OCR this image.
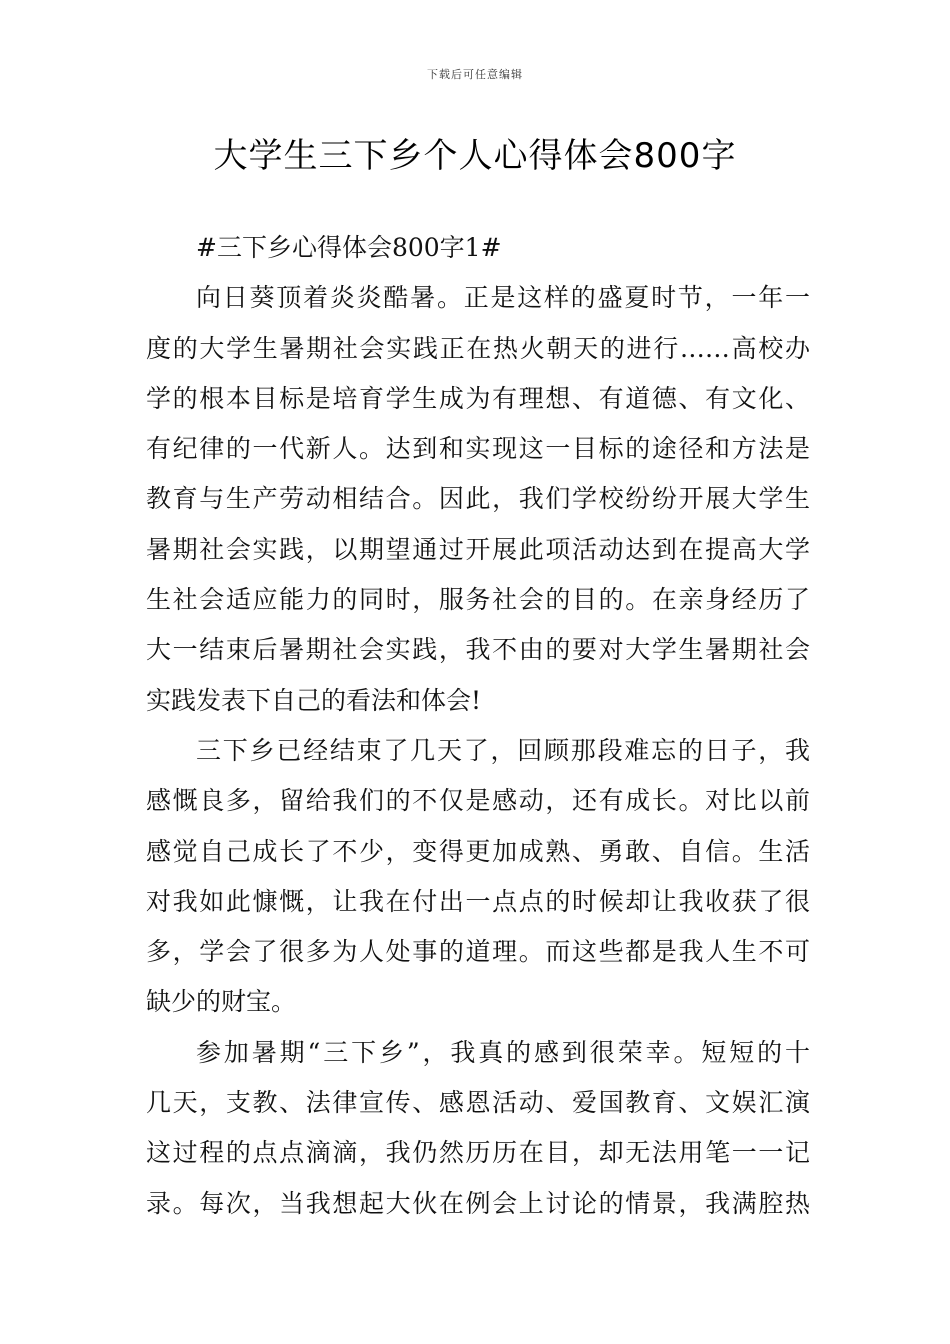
下载后可任意编辑
大学生三下乡个人心得体会800字
#三下乡心得体会800字1#
向日葵顶着炎炎酷暑。正是这样的盛夏时节，一年一
度的大学生暑期社会实践正在热火朝天的进行……高校办
学的根本目标是培育学生成为有理想、有道德、有文化、
有纪律的一代新人。达到和实现这一目标的途径和方法是
教育与生产劳动相结合。因此，我们学校纷纷开展大学生
暑期社会实践，以期望通过开展此项活动达到在提高大学
生社会适应能力的同时，服务社会的目的。在亲身经历了
大一结束后暑期社会实践，我不由的要对大学生暑期社会
实践发表下自己的看法和体会!
三下乡已经结束了几天了，回顾那段难忘的日子，我
感慨良多，留给我们的不仅是感动，还有成长。对比以前
感觉自己成长了不少，变得更加成熟、勇敢、自信。生活
对我如此慷慨，让我在付出一点点的时候却让我收获了很
多，学会了很多为人处事的道理。而这些都是我人生不可
缺少的财宝。
参加暑期“三下乡”，我真的感到很荣幸。短短的十
几天，支教、法律宣传、感恩活动、爱国教育、文娱汇演
这过程的点点滴滴，我仍然历历在目，却无法用笔一一记
录。每次，当我想起大伙在例会上讨论的情景，我满腔热
